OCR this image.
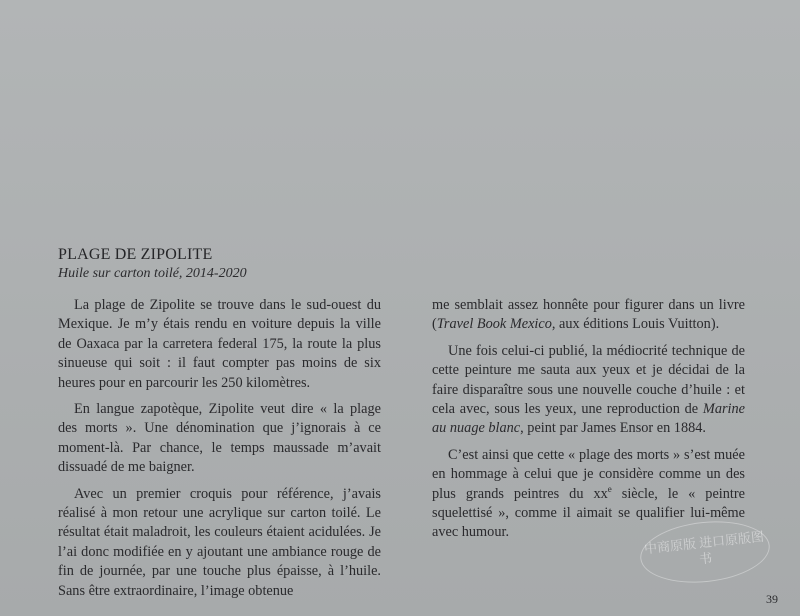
PLAGE DE ZIPOLITE
Huile sur carton toilé, 2014-2020

La plage de Zipolite se trouve dans le sud-ouest du Mexique. Je m’y étais rendu en voiture depuis la ville de Oaxaca par la carretera federal 175, la route la plus sinueuse qui soit : il faut compter pas moins de six heures pour en parcourir les 250 kilomètres.

En langue zapotèque, Zipolite veut dire « la plage des morts ». Une dénomination que j’ignorais à ce moment-là. Par chance, le temps maussade m’avait dissuadé de me baigner.

Avec un premier croquis pour référence, j’avais réalisé à mon retour une acrylique sur carton toilé. Le résultat était maladroit, les couleurs étaient acidulées. Je l’ai donc modifiée en y ajoutant une ambiance rouge de fin de journée, par une touche plus épaisse, à l’huile. Sans être extraordinaire, l’image obtenue

me semblait assez honnête pour figurer dans un livre (Travel Book Mexico, aux éditions Louis Vuitton).

Une fois celui-ci publié, la médiocrité technique de cette peinture me sauta aux yeux et je décidai de la faire disparaître sous une nouvelle couche d’huile : et cela avec, sous les yeux, une reproduction de Marine au nuage blanc, peint par James Ensor en 1884.

C’est ainsi que cette « plage des morts » s’est muée en hommage à celui que je considère comme un des plus grands peintres du $xx^e$ siècle, le « peintre squelettisé », comme il aimait se qualifier lui-même avec humour.	中商原版 进口原版图书
39
